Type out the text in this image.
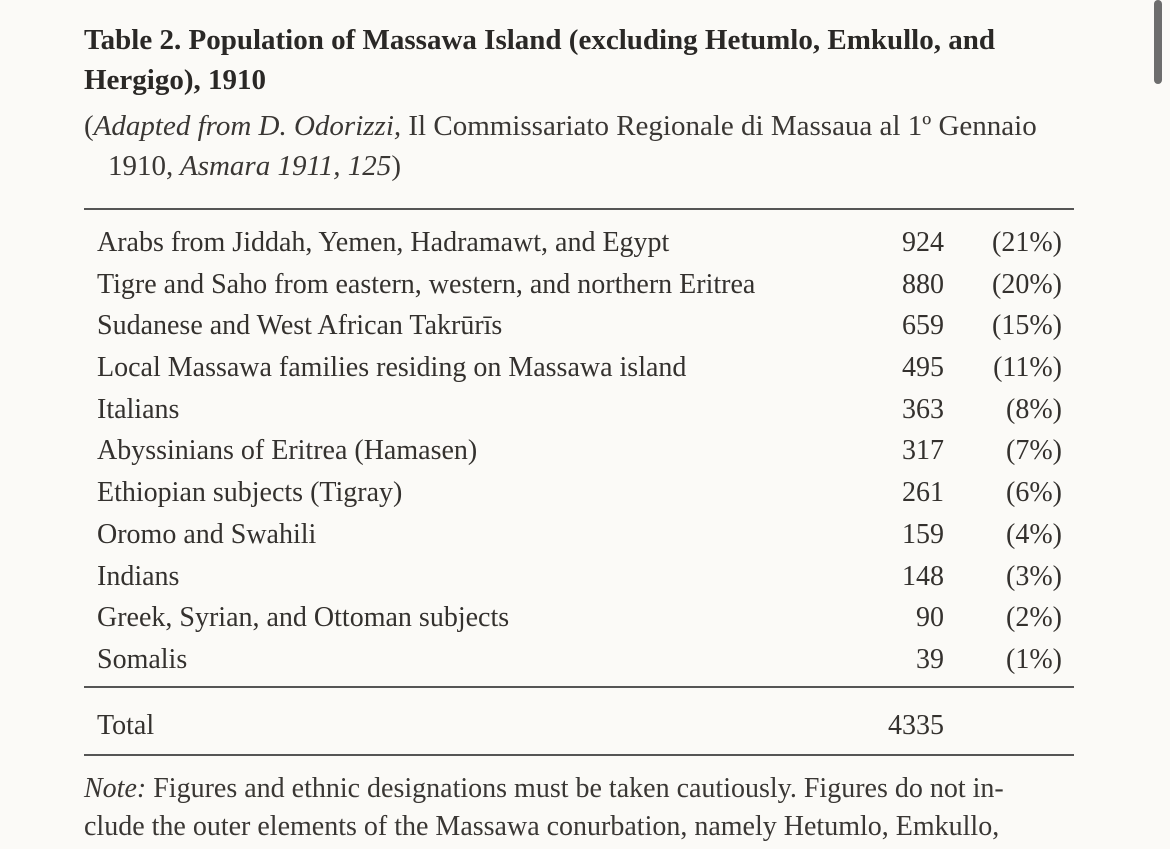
Table 2. Population of Massawa Island (excluding Hetumlo, Emkullo, and Hergigo), 1910

(Adapted from D. Odorizzi, Il Commissariato Regionale di Massaua al 1º Gennaio
1910, Asmara 1911, 125)

Arabs from Jiddah, Yemen, Hadramawt, and Egypt	924 (21%)
Tigre and Saho from eastern, western, and northern Eritrea	880 (20%)
Sudanese and West African Takrūrīs	659 (15%)
Local Massawa families residing on Massawa island	495 (11%)
Italians	363 (8%)
Abyssinians of Eritrea (Hamasen)	317 (7%)
Ethiopian subjects (Tigray)	261 (6%)
Oromo and Swahili	159 (4%)
Indians	148 (3%)
Greek, Syrian, and Ottoman subjects	90 (2%)
Somalis	39 (1%)
Total	4335

Note: Figures and ethnic designations must be taken cautiously. Figures do not in-
clude the outer elements of the Massawa conurbation, namely Hetumlo, Emkullo,
